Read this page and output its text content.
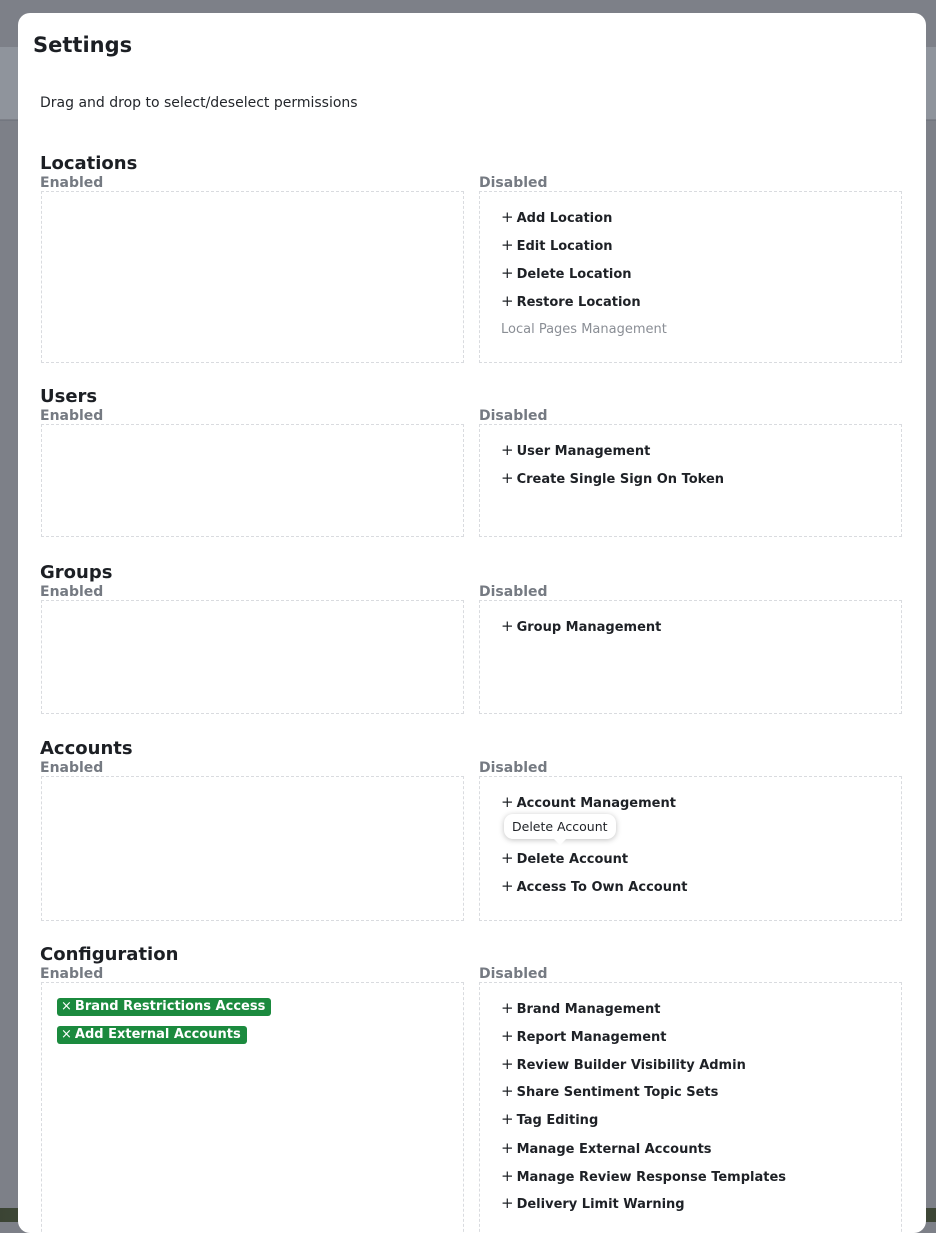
Settings

Drag and drop to select/deselect permissions

Locations
Enabled	Disabled
+ Add Location
+ Edit Location
+ Delete Location
+ Restore Location
Local Pages Management
Users
Enabled	Disabled
+ User Management
+ Create Single Sign On Token
Groups
Enabled	Disabled
+ Group Management
Accounts
Enabled	Disabled
+ Account Management
+ Delete Account
+ Access To Own Account
Delete Account
Configuration
Enabled	Disabled
× Brand Restrictions Access
× Add External Accounts
+ Brand Management
+ Report Management
+ Review Builder Visibility Admin
+ Share Sentiment Topic Sets
+ Tag Editing
+ Manage External Accounts
+ Manage Review Response Templates
+ Delivery Limit Warning
